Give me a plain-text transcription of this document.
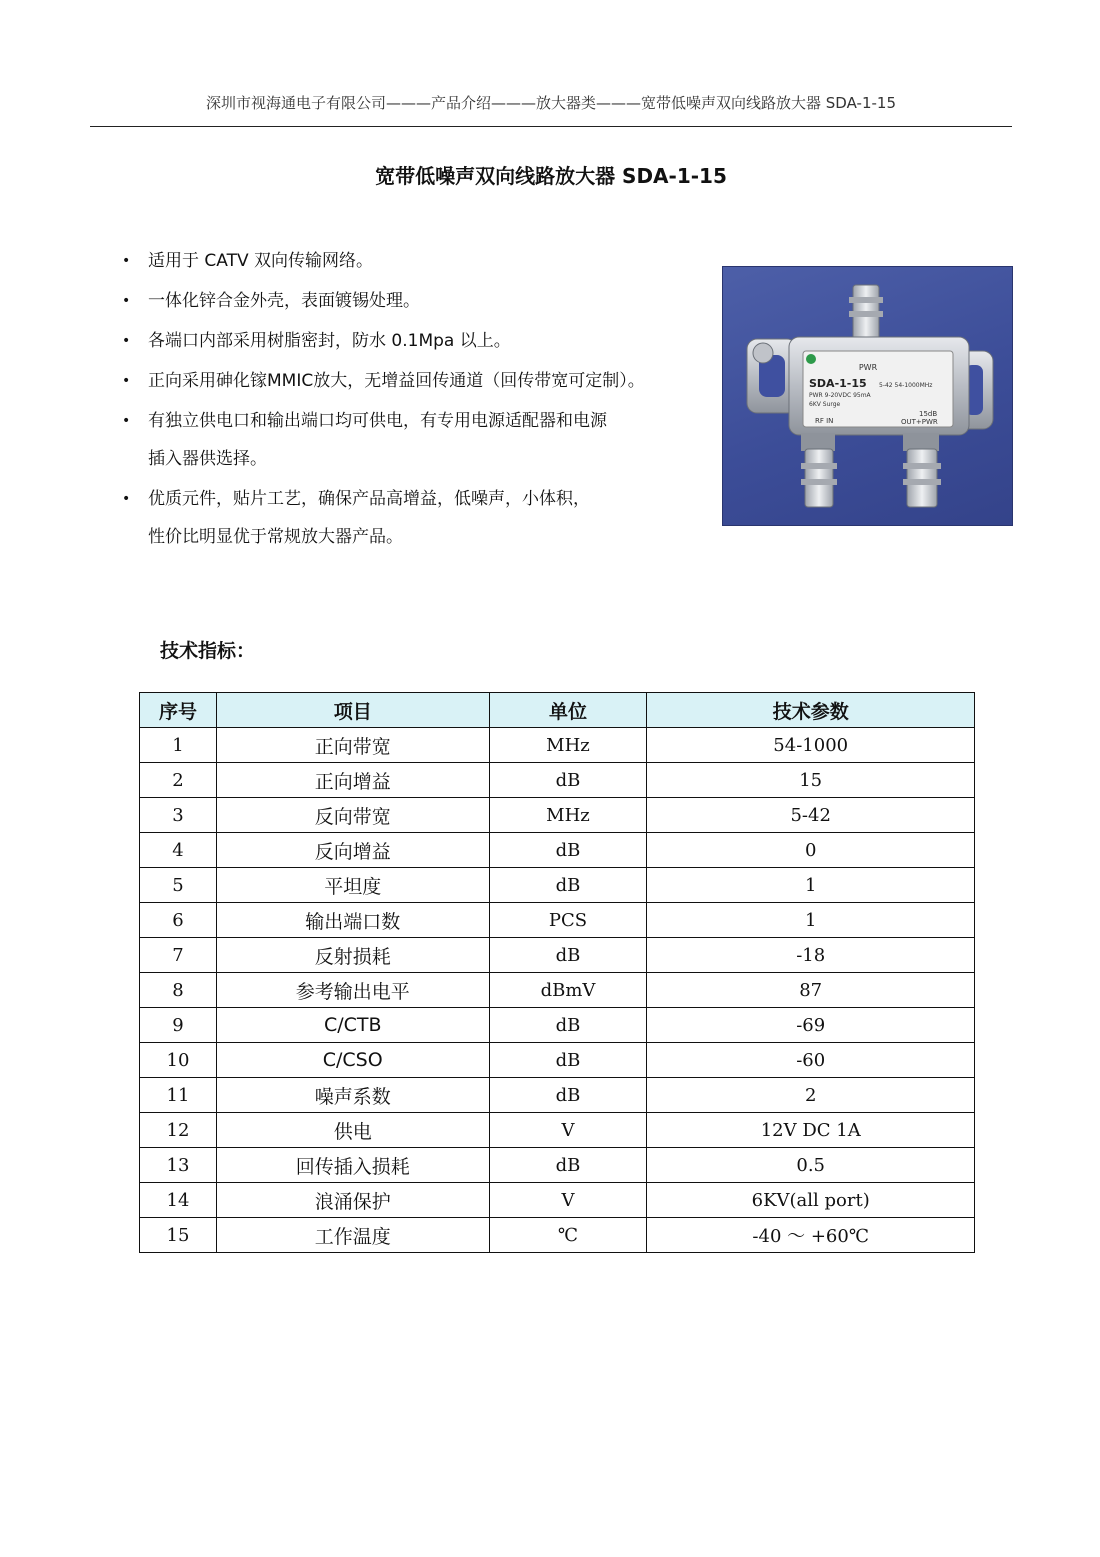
深圳市视海通电子有限公司———产品介绍———放大器类———宽带低噪声双向线路放大器 SDA-1-15
宽带低噪声双向线路放大器 SDA-1-15
• 适用于 CATV 双向传输网络。
• 一体化锌合金外壳，表面镀锡处理。
• 各端口内部采用树脂密封，防水 0.1Mpa 以上。
• 正向采用砷化镓MMIC放大，无增益回传通道（回传带宽可定制）。
• 有独立供电口和输出端口均可供电，有专用电源适配器和电源
插入器供选择。
• 优质元件，贴片工艺，确保产品高增益，低噪声，小体积，
性价比明显优于常规放大器产品。
PWR
SDA-1-15 5-42 54-1000MHz
PWR 9-20VDC 95mA
6KV Surge
RF IN
15dB
OUT+PWR
技术指标：
序号	项目	单位	技术参数
1	正向带宽	MHz	54-1000
2	正向增益	dB	15
3	反向带宽	MHz	5-42
4	反向增益	dB	0
5	平坦度	dB	1
6	输出端口数	PCS	1
7	反射损耗	dB	-18
8	参考输出电平	dBmV	87
9	C/CTB	dB	-69
10	C/CSO	dB	-60
11	噪声系数	dB	2
12	供电	V	12V DC 1A
13	回传插入损耗	dB	0.5
14	浪涌保护	V	6KV(all port)
15	工作温度	℃	-40 ～ +60℃
